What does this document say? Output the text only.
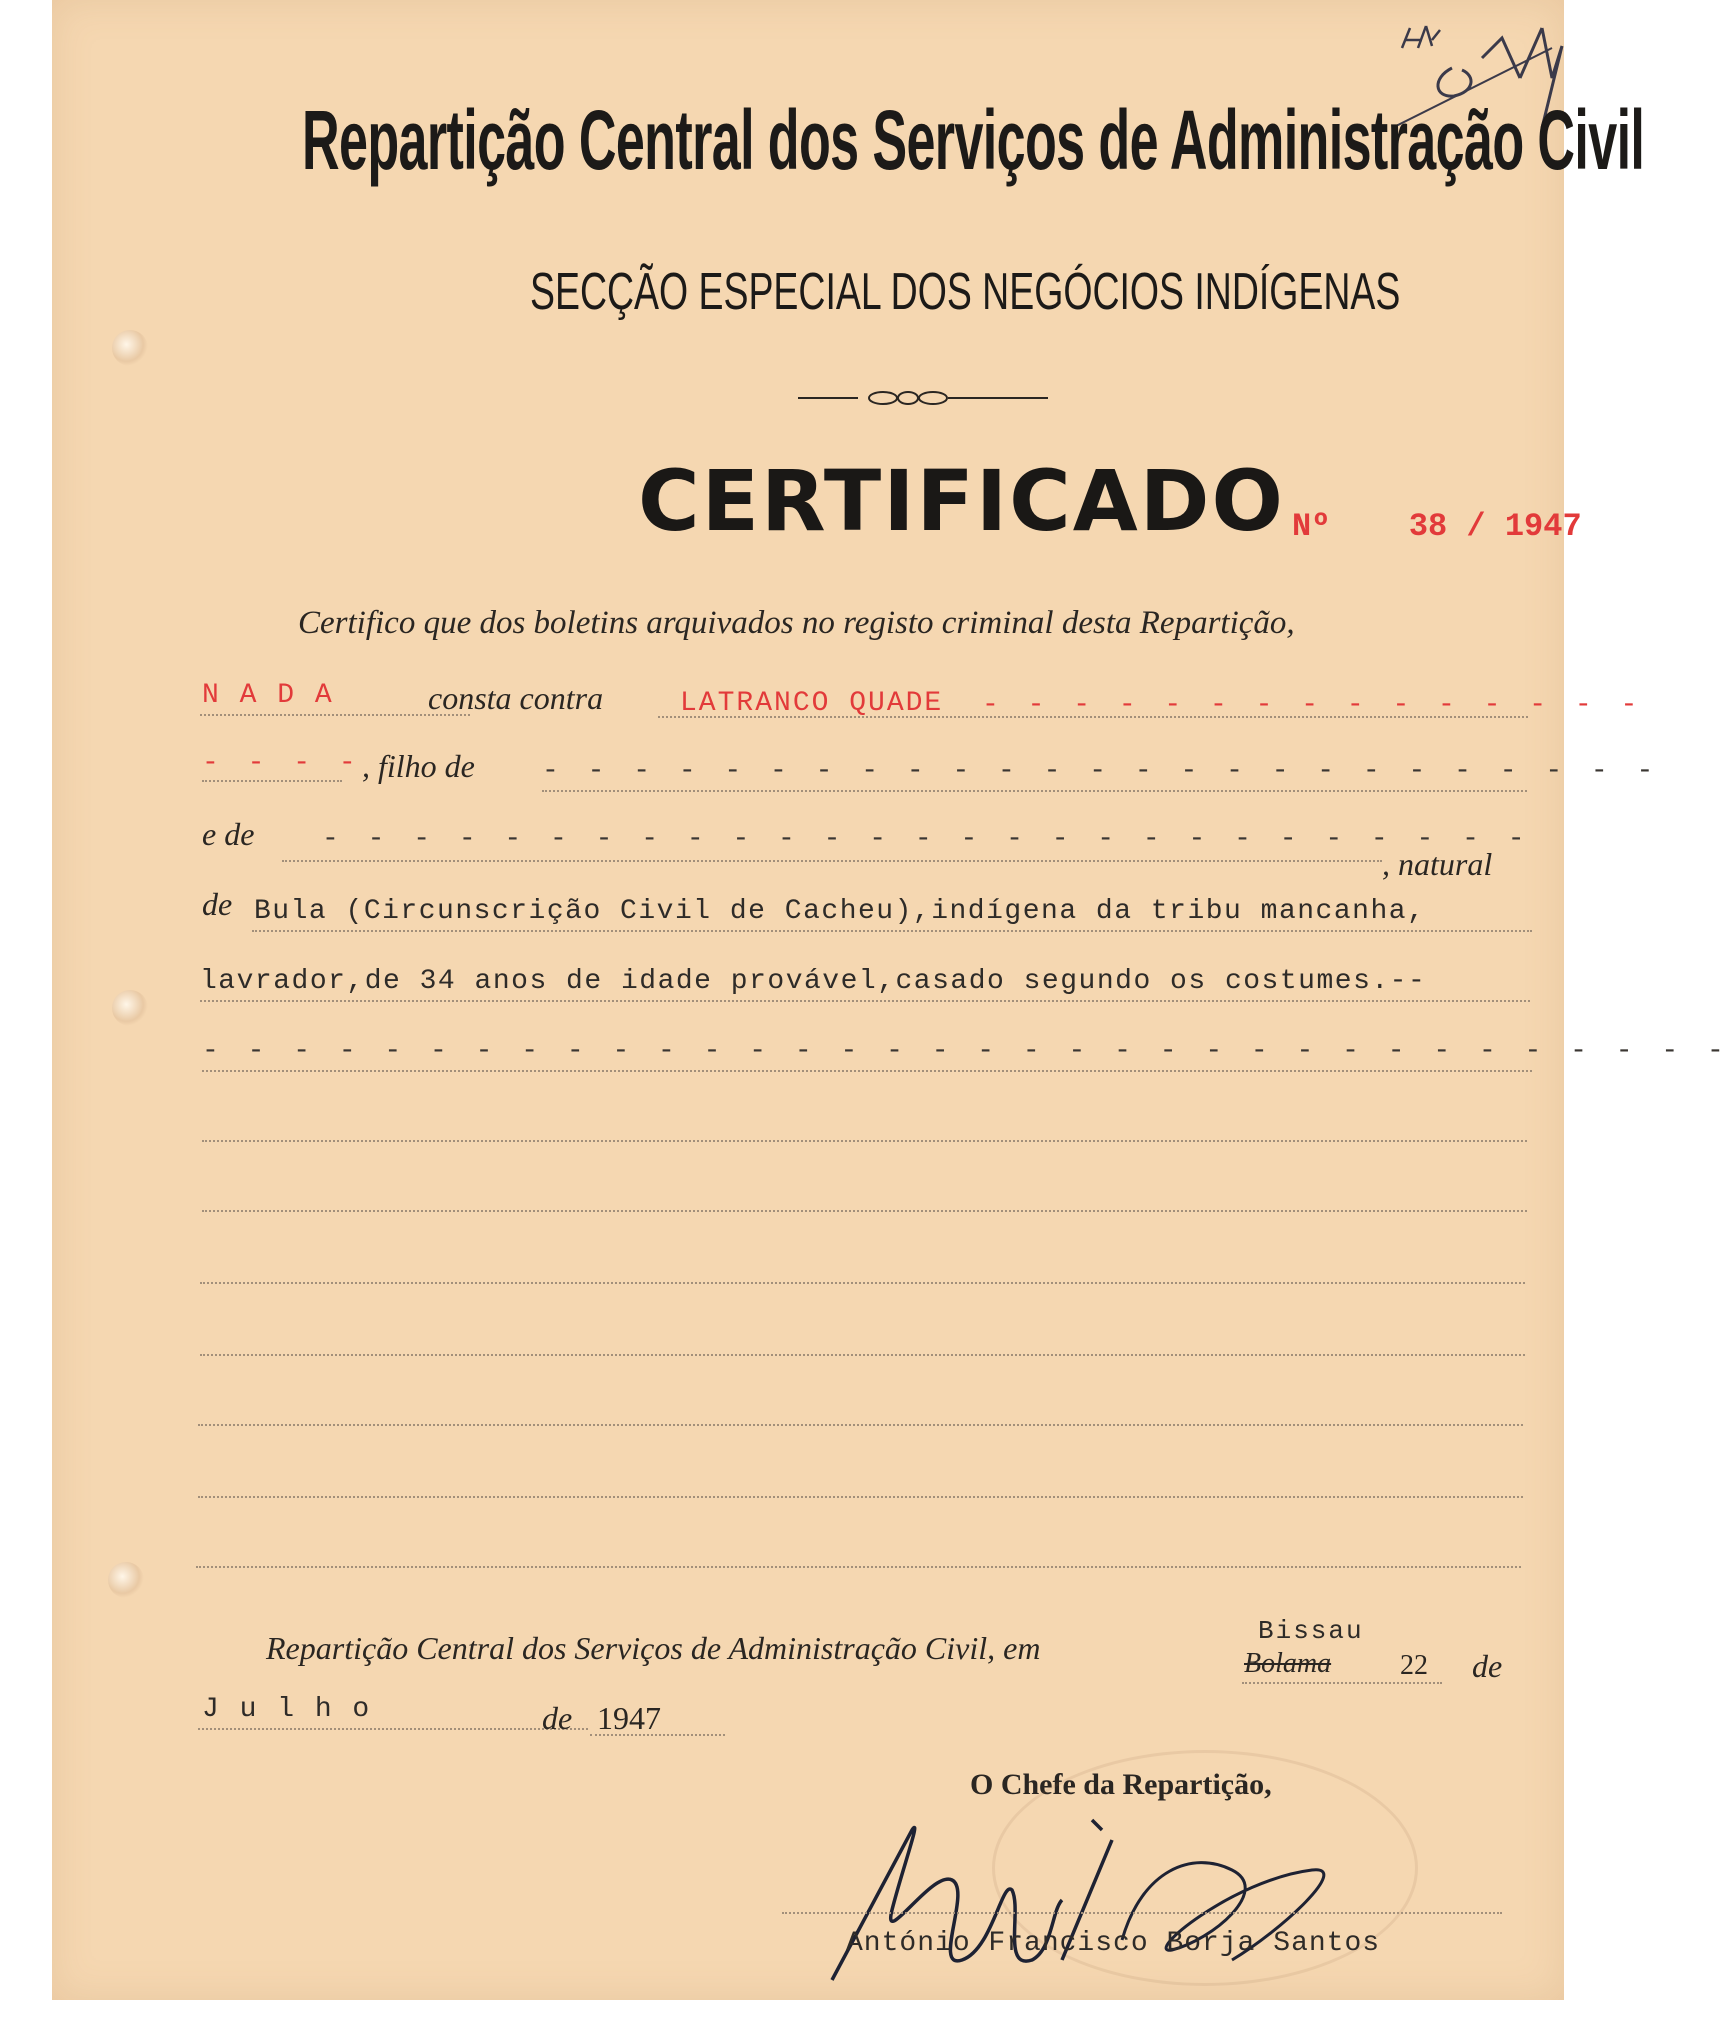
Repartição Central dos Serviços de Administração Civil
SECÇÃO ESPECIAL DOS NEGÓCIOS INDÍGENAS
CERTIFICADO Nº 38 / 1947
Certifico que dos boletins arquivados no registo criminal desta Repartição,
N A D A	consta contra	LATRANCO QUADE - - - - - - - - - - - - - - -
- - - - , filho de - - - - - - - - - - - - - - - - - - - - - - - - -
e de - - - - - - - - - - - - - - - - - - - - - - - - - - -
, natural
de Bula (Circunscrição Civil de Cacheu),indígena da tribu mancanha,
lavrador,de 34 anos de idade provável,casado segundo os costumes.--
- - - - - - - - - - - - - - - - - - - - - - - - - - - - - - - - - -
Repartição Central dos Serviços de Administração Civil, em	Bissau
Bolama 22 de
J u l h o	de 1947
O Chefe da Repartição,
António Francisco Borja Santos
